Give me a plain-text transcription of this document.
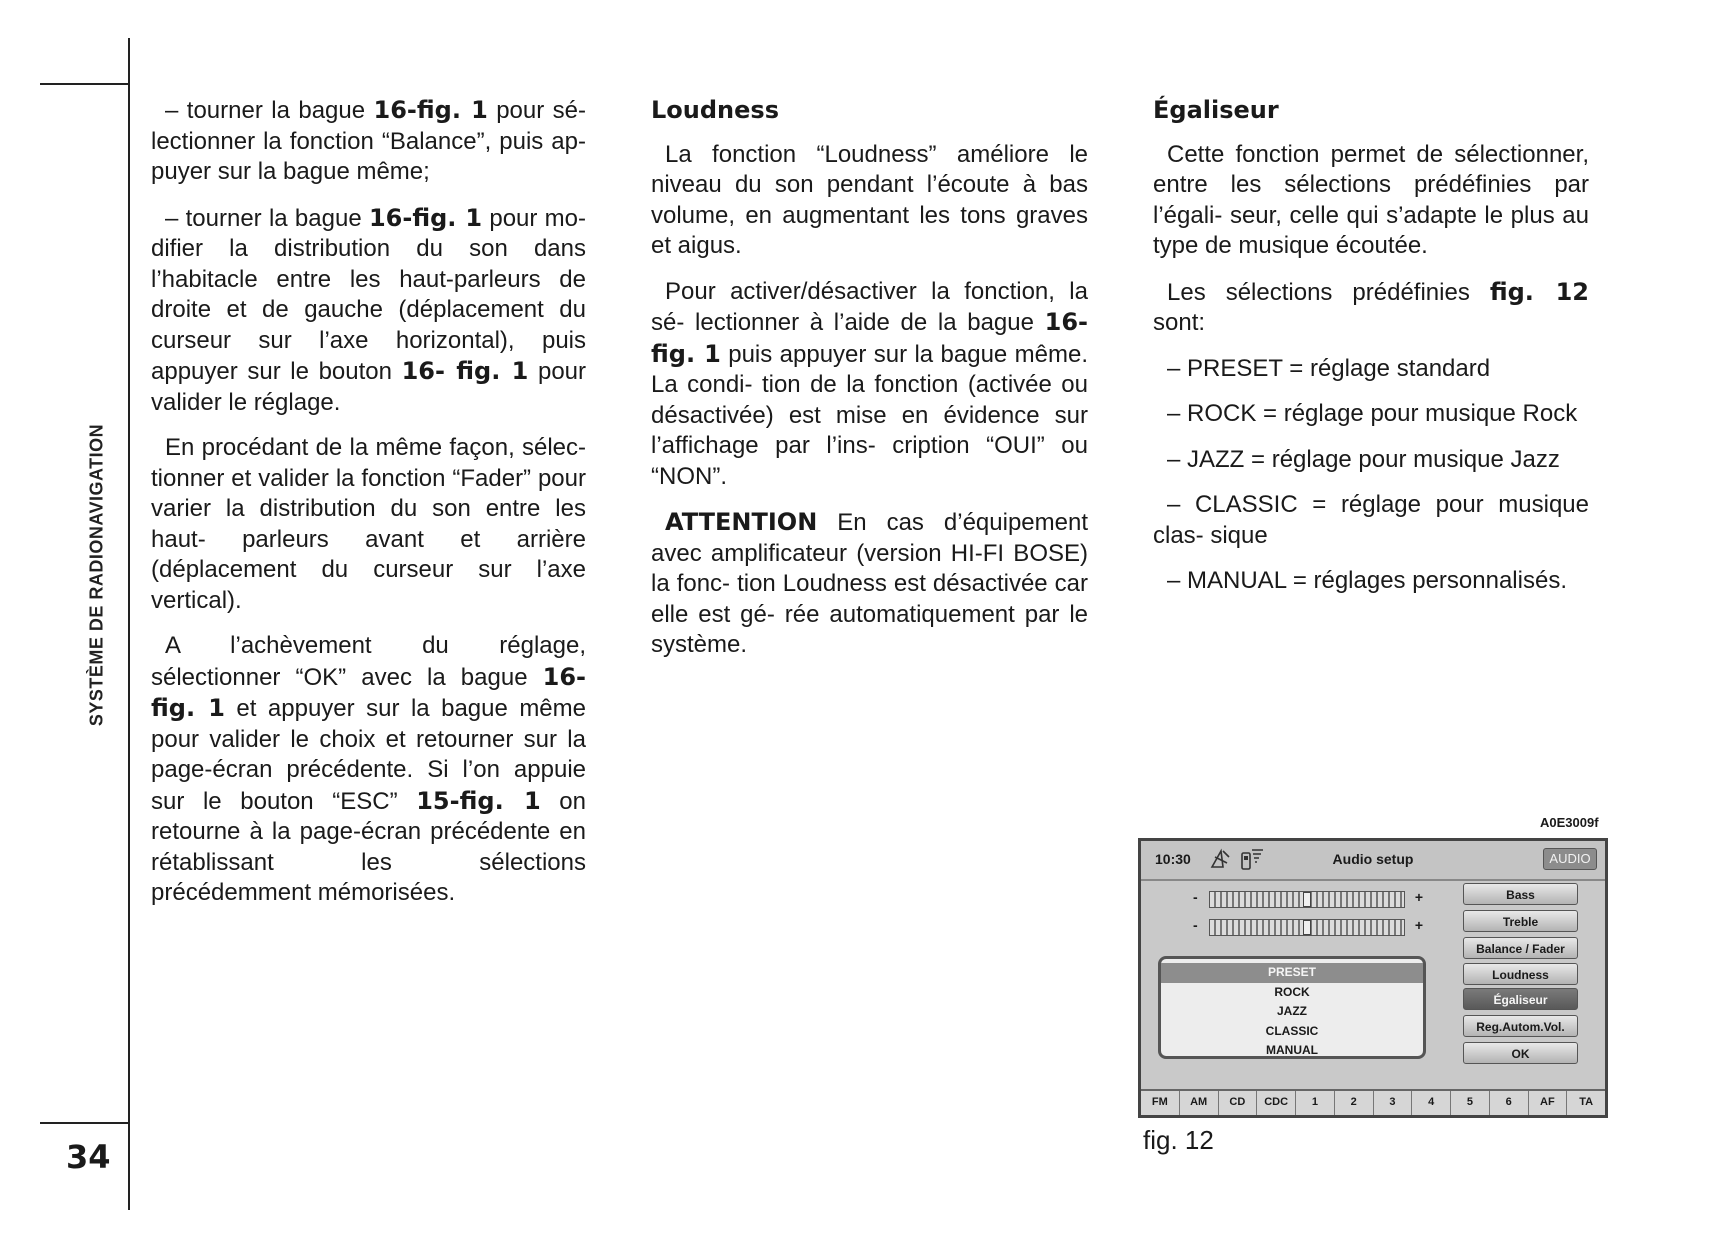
SYSTÈME DE RADIONAVIGATION
34

– tourner la bague 16-fig. 1 pour sé- lectionner la fonction “Balance”, puis ap- puyer sur la bague même;

– tourner la bague 16-fig. 1 pour mo- difier la distribution du son dans l’habitacle entre les haut-parleurs de droite et de gauche (déplacement du curseur sur l’axe horizontal), puis appuyer sur le bouton 16- fig. 1 pour valider le réglage.

En procédant de la même façon, sélec- tionner et valider la fonction “Fader” pour varier la distribution du son entre les haut- parleurs avant et arrière (déplacement du curseur sur l’axe vertical).

A l’achèvement du réglage, sélectionner “OK” avec la bague 16-fig. 1 et appuyer sur la bague même pour valider le choix et retourner sur la page-écran précédente. Si l’on appuie sur le bouton “ESC” 15-fig. 1 on retourne à la page-écran précédente en rétablissant les sélections précédemment mémorisées.

Loudness

La fonction “Loudness” améliore le niveau du son pendant l’écoute à bas volume, en augmentant les tons graves et aigus.

Pour activer/désactiver la fonction, la sé- lectionner à l’aide de la bague 16-fig. 1 puis appuyer sur la bague même. La condi- tion de la fonction (activée ou désactivée) est mise en évidence sur l’affichage par l’ins- cription “OUI” ou “NON”.

ATTENTION En cas d’équipement avec amplificateur (version HI-FI BOSE) la fonc- tion Loudness est désactivée car elle est gé- rée automatiquement par le système.

Égaliseur

Cette fonction permet de sélectionner, entre les sélections prédéfinies par l’égali- seur, celle qui s’adapte le plus au type de musique écoutée.

Les sélections prédéfinies fig. 12 sont:

– PRESET = réglage standard

– ROCK = réglage pour musique Rock

– JAZZ = réglage pour musique Jazz

– CLASSIC = réglage pour musique clas- sique

– MANUAL = réglages personnalisés.

A0E3009f
10:30	Audio setup	AUDIO
-	+
-	+
PRESET
ROCK
JAZZ
CLASSIC
MANUAL
Bass
Treble
Balance / Fader
Loudness
Égaliseur
Reg.Autom.Vol.
OK
FM	AM	CD	CDC	1	2	3	4	5	6	AF	TA
fig. 12
